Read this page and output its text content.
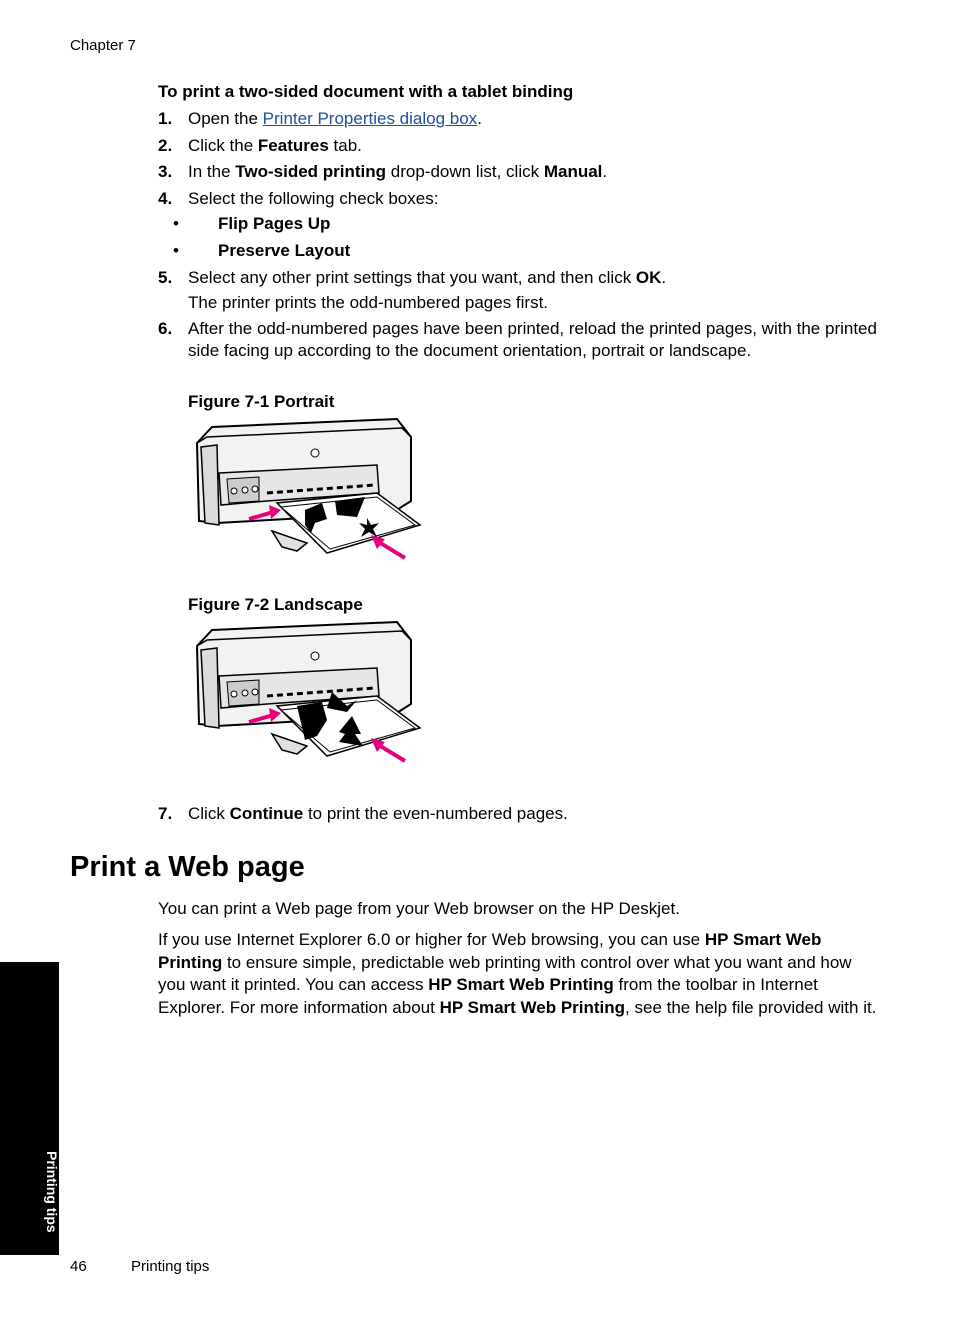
Chapter 7
To print a two-sided document with a tablet binding
1. Open the Printer Properties dialog box.
2. Click the Features tab.
3. In the Two-sided printing drop-down list, click Manual.
4. Select the following check boxes:
• Flip Pages Up
• Preserve Layout
5. Select any other print settings that you want, and then click OK.
The printer prints the odd-numbered pages first.
6. After the odd-numbered pages have been printed, reload the printed pages, with the printed side facing up according to the document orientation, portrait or landscape.
Figure 7-1 Portrait
Figure 7-2 Landscape
7. Click Continue to print the even-numbered pages.
Print a Web page
You can print a Web page from your Web browser on the HP Deskjet.
If you use Internet Explorer 6.0 or higher for Web browsing, you can use HP Smart Web Printing to ensure simple, predictable web printing with control over what you want and how you want it printed. You can access HP Smart Web Printing from the toolbar in Internet Explorer. For more information about HP Smart Web Printing, see the help file provided with it.
Printing tips
46	Printing tips
